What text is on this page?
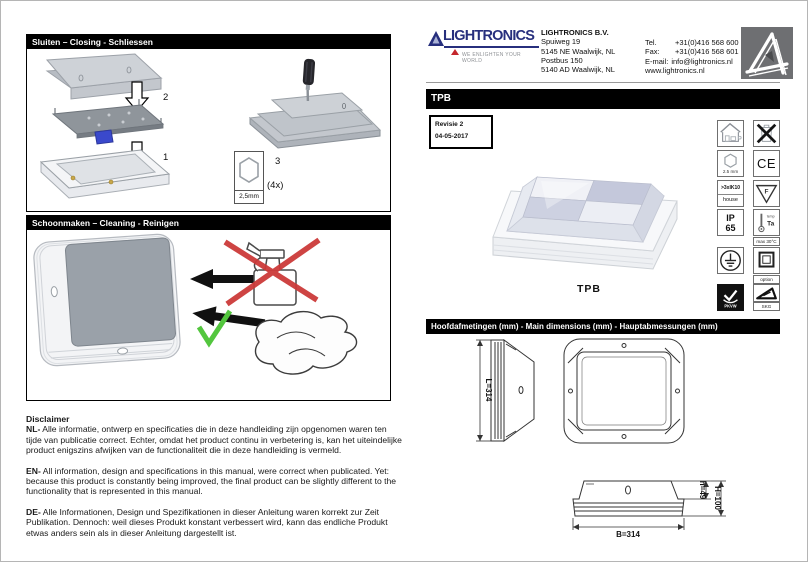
Sluiten – Closing - Schliessen
2
1
2,5mm
3
(4x)
Schoonmaken – Cleaning - Reinigen
Disclaimer
NL- Alle informatie, ontwerp en specificaties die in deze handleiding zijn opgenomen waren ten tijde van publicatie correct. Echter, omdat het product continu in verbetering is, kan het uiteindelijke product enigszins afwijken van de functionaliteit die in deze handleiding is vermeld.
EN- All information, design and specifications in this manual, were correct when publicated. Yet: because this product is constantly being improved, the final product can be slightly different to the functionality that is represented in this manual.
DE- Alle Informationen, Design und Spezifikationen in dieser Anleitung waren korrekt zur Zeit Publikation. Dennoch: weil dieses Produkt konstant verbessert wird, kann das endliche Produkt etwas anders sein als in dieser Anleitung dargestellt ist.
LIGHTRONICS
WE ENLIGHTEN YOUR WORLD
LIGHTRONICS B.V.
Spuiweg 19
5145 NE Waalwijk, NL
Postbus 150
5140 AD Waalwijk, NL
Tel.	+31(0)416 568 600
Fax:	+31(0)416 568 601
E-mail: info@lightronics.nl
www.lightronics.nl
TPB
Revisie 2
04-05-2017
TPB
2.5 mm
CE
>3xIK10
house
F
IP
65
temp
Ta
max 30°C
option
PKVW	SKG
Hoofdafmetingen (mm) - Main dimensions (mm) - Hauptabmessungen (mm)
L=314
B=314
h=49 H=100
